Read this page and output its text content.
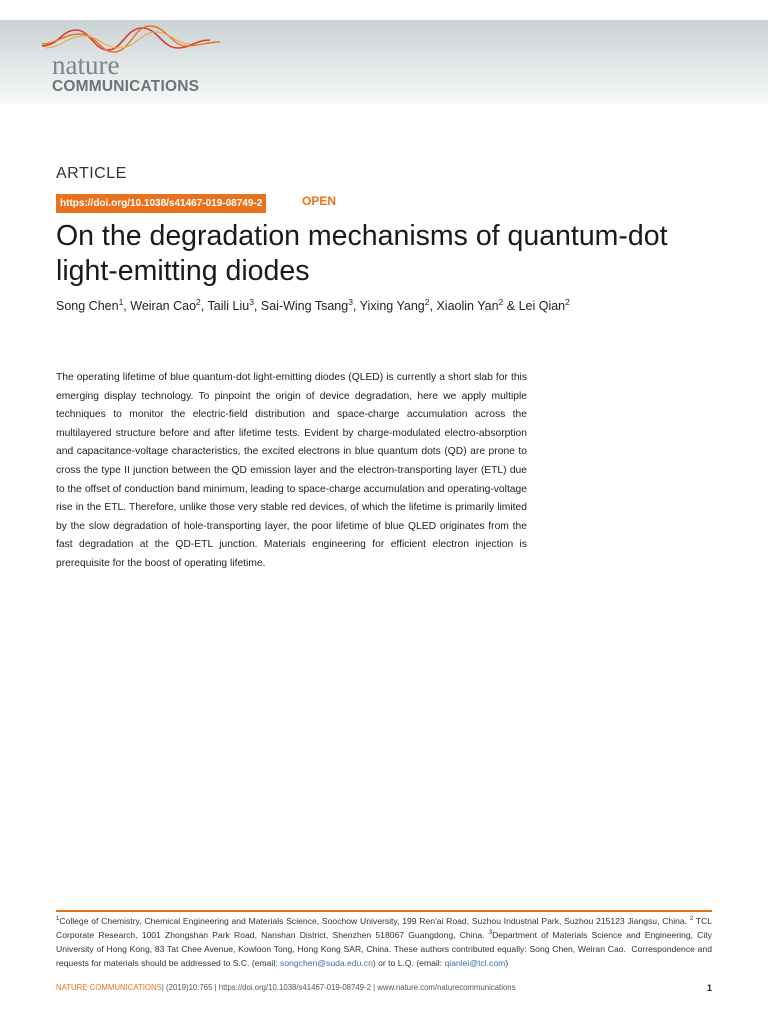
nature
COMMUNICATIONS
ARTICLE
https://doi.org/10.1038/s41467-019-08749-2	OPEN
On the degradation mechanisms of quantum-dot light-emitting diodes

Song Chen$^1$, Weiran Cao$^2$, Taili Liu$^3$, Sai-Wing Tsang$^3$, Yixing Yang$^2$, Xiaolin Yan$^2$ & Lei Qian$^2$

The operating lifetime of blue quantum-dot light-emitting diodes (QLED) is currently a short slab for this emerging display technology. To pinpoint the origin of device degradation, here we apply multiple techniques to monitor the electric-field distribution and space-charge accumulation across the multilayered structure before and after lifetime tests. Evident by charge-modulated electro-absorption and capacitance-voltage characteristics, the excited electrons in blue quantum dots (QD) are prone to cross the type II junction between the QD emission layer and the electron-transporting layer (ETL) due to the offset of conduction band minimum, leading to space-charge accumulation and operating-voltage rise in the ETL. Therefore, unlike those very stable red devices, of which the lifetime is primarily limited by the slow degradation of hole-transporting layer, the poor lifetime of blue QLED originates from the fast degradation at the QD-ETL junction. Materials engineering for efficient electron injection is prerequisite for the boost of operating lifetime.

$^1$College of Chemistry, Chemical Engineering and Materials Science, Soochow University, 199 Ren'ai Road, Suzhou Industrial Park, Suzhou 215123 Jiangsu, China. $^2$ TCL Corporate Research, 1001 Zhongshan Park Road, Nanshan District, Shenzhen 518067 Guangdong, China. $^3$Department of Materials Science and Engineering, City University of Hong Kong, 83 Tat Chee Avenue, Kowloon Tong, Hong Kong SAR, China. These authors contributed equally: Song Chen, Weiran Cao. Correspondence and requests for materials should be addressed to S.C. (email: songchen@suda.edu.cn) or to L.Q. (email: qianlei@tcl.com)

NATURE COMMUNICATIONS| (2019)10:765 | https://doi.org/10.1038/s41467-019-08749-2 | www.nature.com/naturecommunications	1
